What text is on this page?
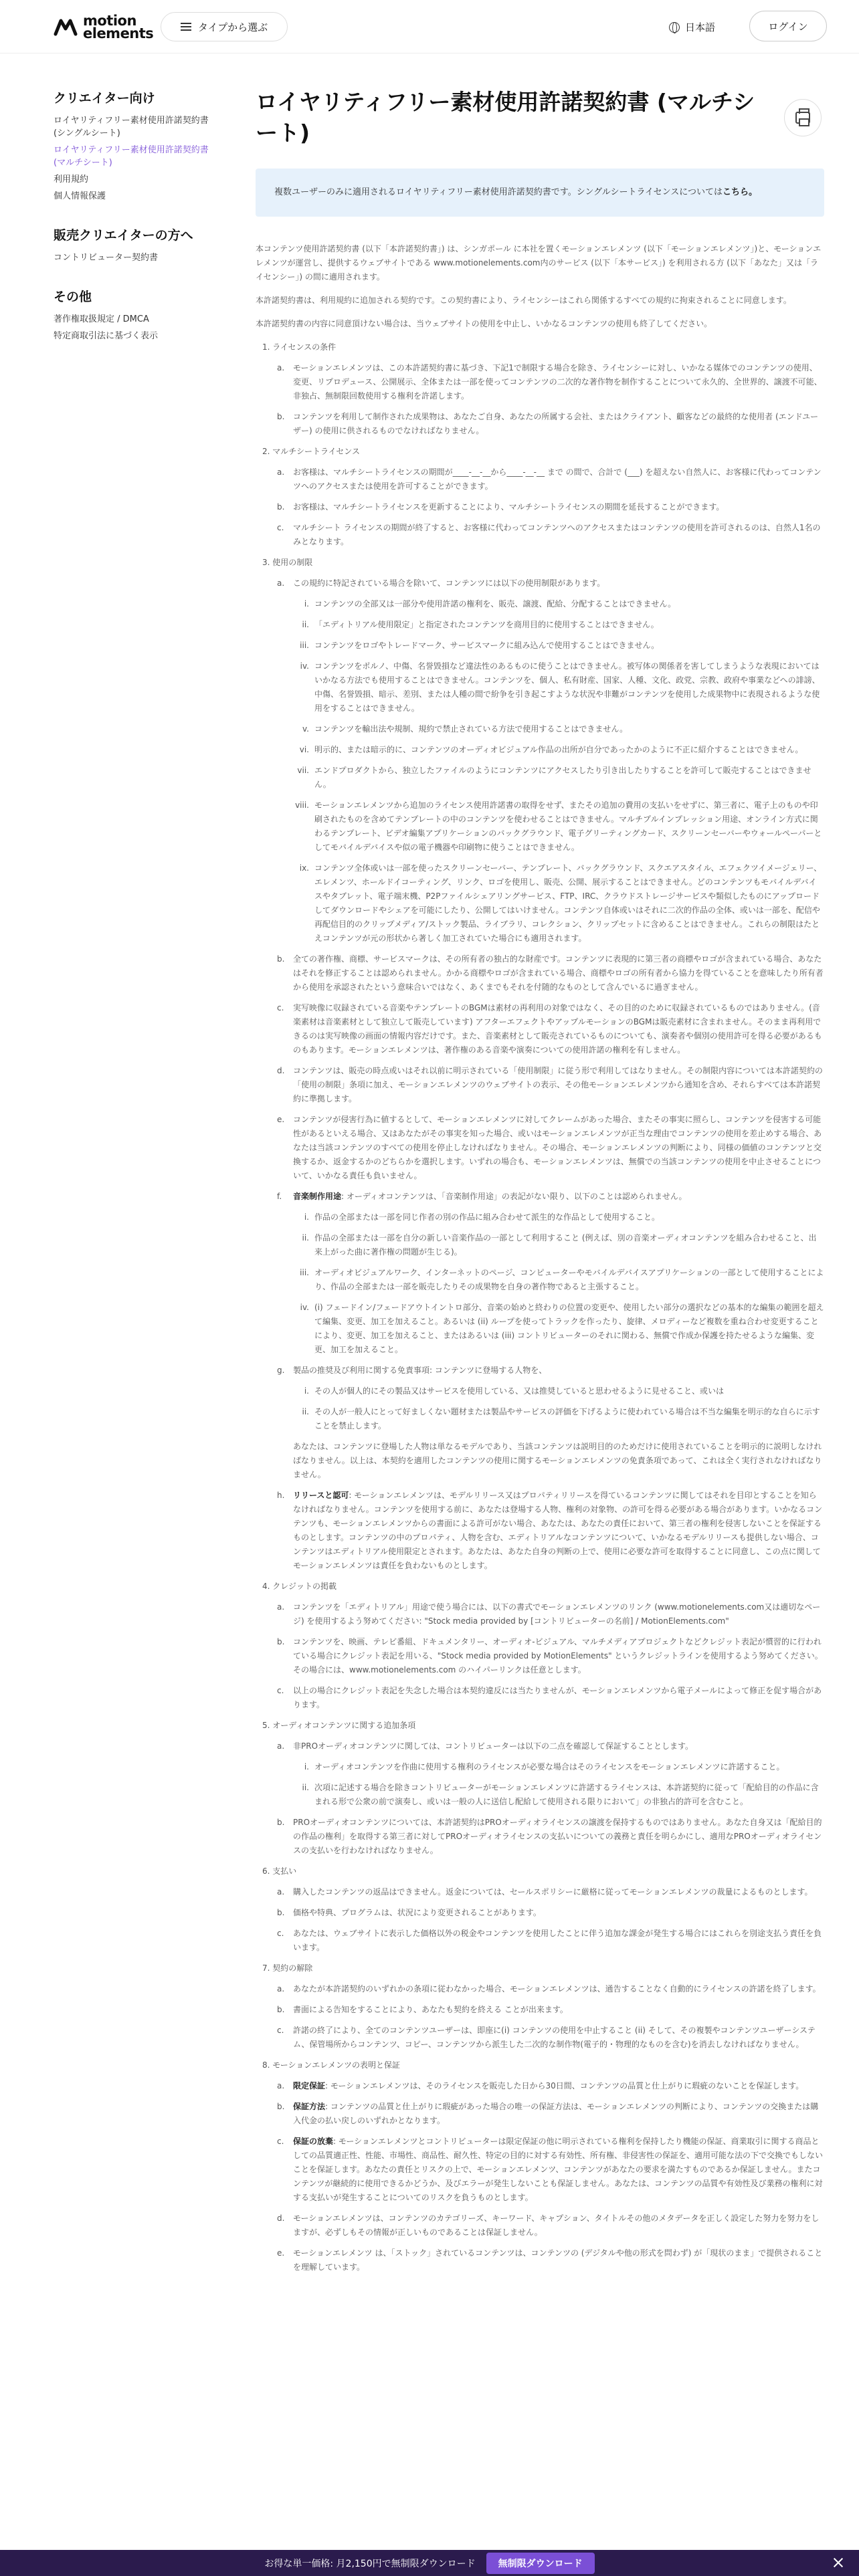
motion
elements	タイプから選ぶ	日本語	ログイン
クリエイター向け
ロイヤリティフリー素材使用許諾契約書 (シングルシート)
ロイヤリティフリー素材使用許諾契約書 (マルチシート)
利用規約
個人情報保護
販売クリエイターの方へ
コントリビューター契約書
その他
著作権取扱規定 / DMCA
特定商取引法に基づく表示
ロイヤリティフリー素材使用許諾契約書 (マルチシート)
複数ユーザーのみに適用されるロイヤリティフリー素材使用許諾契約書です。シングルシートライセンスについてはこちら。

本コンテンツ使用許諾契約書 (以下「本許諾契約書」) は、シンガポール に本社を置くモーションエレメンツ (以下「モーションエレメンツ」)と、モーションエレメンツが運営し、提供するウェブサイトである www.motionelements.com内のサービス (以下「本サービス」) を利用される方 (以下「あなた」又は「ライセンシー」) の間に適用されます。

本許諾契約書は、利用規約に追加される契約です。この契約書により、ライセンシーはこれら関係するすべての規約に拘束されることに同意します。

本許諾契約書の内容に同意頂けない場合は、当ウェブサイトの使用を中止し、いかなるコンテンツの使用も終了してください。

1. ライセンスの条件
a.	モーションエレメンツは、この本許諾契約書に基づき、下記1で制限する場合を除き、ライセンシーに対し、いかなる媒体でのコンテンツの使用、変更、リプロデュース、公開展示、全体または一部を使ってコンテンツの二次的な著作物を制作することについて永久的、全世界的、譲渡不可能、非独占、無制限回数使用する権利を許諾します。
b.	コンテンツを利用して制作された成果物は、あなたご自身、あなたの所属する会社、またはクライアント、顧客などの最終的な使用者 (エンドユーザー) の使用に供されるものでなければなりません。
2. マルチシートライセンス
a.	お客様は、マルチシートライセンスの期間が____-__-__から____-__-__ まで の間で、合計で (___) を超えない自然人に、お客様に代わってコンテンツへのアクセスまたは使用を許可することができます。
b.	お客様は、マルチシートライセンスを更新することにより、マルチシートライセンスの期間を延長することができます。
c.	マルチシート ライセンスの期間が終了すると、お客様に代わってコンテンツへのアクセスまたはコンテンツの使用を許可されるのは、自然人1名のみとなります。
3. 使用の制限
a.	この規約に特記されている場合を除いて、コンテンツには以下の使用制限があります。
i. コンテンツの全部又は一部分や使用許諾の権利を、販売、譲渡、配給、分配することはできません。
ii. 「エディトリアル使用限定」と指定されたコンテンツを商用目的に使用することはできません。
iii. コンテンツをロゴやトレードマーク、サービスマークに組み込んで使用することはできません。
iv. コンテンツをポルノ、中傷、名誉毀損など違法性のあるものに使うことはできません。被写体の関係者を害してしまうような表現においてはいかなる方法でも使用することはできません。コンテンツを、個人、私有財産、国家、人種、文化、政党、宗教、政府や事業などへの誹謗、中傷、名誉毀損、暗示、差別、または人種の間で紛争を引き起こすような状況や非難がコンテンツを使用した成果物中に表現されるような使用をすることはできません。
v. コンテンツを輸出法や規制、規約で禁止されている方法で使用することはできません。
vi. 明示的、または暗示的に、コンテンツのオーディオビジュアル作品の出所が自分であったかのように不正に紹介することはできません。
vii. エンドプロダクトから、独立したファイルのようにコンテンツにアクセスしたり引き出したりすることを許可して販売することはできません。
viii. モーションエレメンツから追加のライセンス使用許諾書の取得をせず、またその追加の費用の支払いをせずに、第三者に、電子上のものや印刷されたものを含めてテンプレートの中のコンテンツを使わせることはできません。マルチプルインプレッション用途、オンライン方式に関わるテンプレート、ビデオ編集アプリケーションのバックグラウンド、電子グリーティングカード、スクリーンセーバーやウォールペーパーとしてモバイルデバイスや似の電子機器や印刷物に使うことはできません。
ix. コンテンツ全体或いは一部を使ったスクリーンセーバー、テンプレート、バックグラウンド、スクエアスタイル、エフェクツイメージェリー、エレメンツ、ホールドイコーティング、リンク、ロゴを使用し、販売、公開、展示することはできません。どのコンテンツもモバイルデバイスやタブレット、電子端末機、P2Pファイルシェアリングサービス、FTP、IRC、クラウドストレージサービスや類似したものにアップロードしてダウンロードやシェアを可能にしたり、公開してはいけません。コンテンツ自体或いはそれに二次的作品の全体、或いは一部を、配信や再配信目的のクリップメディア/ストック製品、ライブラリ、コレクション、クリップセットに含めることはできません。これらの制限はたとえコンテンツが元の形状から著しく加工されていた場合にも適用されます。
b.	全ての著作権、商標、サービスマークは、その所有者の独占的な財産です。コンテンツに表現的に第三者の商標やロゴが含まれている場合、あなたはそれを修正することは認められません。かかる商標やロゴが含まれている場合、商標やロゴの所有者から協力を得ていることを意味したり所有者から使用を承認されたという意味合いではなく、あくまでもそれを付随的なものとして含んでいるに過ぎません。
c.	実写映像に収録されている音楽やテンプレートのBGMは素材の再利用の対象ではなく、その目的のために収録されているものではありません。(音楽素材は音楽素材として独立して販売しています) アフターエフェクトやアップルモーションのBGMは販売素材に含まれません。そのまま再利用できるのは実写映像の画面の情報内容だけです。また、音楽素材として販売されているものについても、演奏者や個別の使用許可を得る必要があるものもあります。モーションエレメンツは、著作権のある音楽や演奏についての使用許諾の権利を有しません。
d.	コンテンツは、販売の時点或いはそれ以前に明示されている「使用制限」に従う形で利用してはなりません。その制限内容については本許諾契約の「使用の制限」条項に加え、モーションエレメンツのウェブサイトの表示、その他モーションエレメンツから通知を含め、それらすべては本許諾契約に準拠します。
e.	コンテンツが侵害行為に値するとして、モーションエレメンツに対してクレームがあった場合、またその事実に照らし、コンテンツを侵害する可能性があるといえる場合、又はあなたがその事実を知った場合、或いはモーションエレメンツが正当な理由でコンテンツの使用を差止めする場合、あなたは当該コンテンツのすべての使用を停止しなければなりません。その場合、モーションエレメンツの判断により、同様の価値のコンテンツと交換するか、返金するかのどちらかを選択します。いずれの場合も、モーションエレメンツは、無償での当該コンテンツの使用を中止させることについて、いかなる責任も負いません。
f.	音楽制作用途: オーディオコンテンツは、「音楽制作用途」の表記がない限り、以下のことは認められません。
i. 作品の全部または一部を同じ作者の別の作品に組み合わせて派生的な作品として使用すること。
ii. 作品の全部または一部を自分の新しい音楽作品の一部として利用すること (例えば、別の音楽オーディオコンテンツを組み合わせること、出来上がった曲に著作権の問題が生じる)。
iii. オーディオビジュアルワーク、インターネットのページ、コンピューターやモバイルデバイスアプリケーションの一部として使用することにより、作品の全部または一部を販売したりその成果物を自身の著作物であると主張すること。
iv. (i) フェードイン/フェードアウトイントロ部分、音楽の始めと終わりの位置の変更や、使用したい部分の選択などの基本的な編集の範囲を超えて編集、変更、加工を加えること。あるいは (ii) ループを使ってトラックを作ったり、旋律、メロディーなど複数を重ね合わせ変更することにより、変更、加工を加えること、またはあるいは (iii) コントリビューターのそれに関わる、無償で作成か保護を持たせるような編集、変更、加工を加えること。
g.	製品の推奨及び利用に関する免責事項: コンテンツに登場する人物を、
i. その人が個人的にその製品又はサービスを使用している、又は推奨していると思わせるように見せること、或いは
ii. その人が一般人にとって好ましくない題材または製品やサービスの評価を下げるように使われている場合は不当な編集を明示的な自らに示すことを禁止します。
あなたは、コンテンツに登場した人物は単なるモデルであり、当該コンテンツは説明目的のためだけに使用されていることを明示的に説明しなければなりません。以上は、本契約を適用したコンテンツの使用に関するモーションエレメンツの免責条項であって、これは全く実行されなければなりません。
h.	リリースと認可: モーションエレメンツは、モデルリリース又はプロパティリリースを得ているコンテンツに関してはそれを目印とすることを知らなければなりません。コンテンツを使用する前に、あなたは登場する人物、権利の対象物、の許可を得る必要がある場合があります。いかなるコンテンツも、モーションエレメンツからの書面による許可がない場合、あなたは、あなたの責任において、第三者の権利を侵害しないことを保証するものとします。コンテンツの中のプロパティ、人物を含む、エディトリアルなコンテンツについて、いかなるモデルリリースも提供しない場合、コンテンツはエディトリアル使用限定とされます。あなたは、あなた自身の判断の上で、使用に必要な許可を取得することに同意し、この点に関してモーションエレメンツは責任を負わないものとします。
4. クレジットの掲載
a.	コンテンツを「エディトリアル」用途で使う場合には、以下の書式でモーションエレメンツのリンク (www.motionelements.com又は適切なページ) を使用するよう努めてください: "Stock media provided by [コントリビューターの名前] / MotionElements.com"
b.	コンテンツを、映画、テレビ番組、ドキュメンタリー、オーディオ-ビジュアル、マルチメディアプロジェクトなどクレジット表記が慣習的に行われている場合にクレジット表記を用いる、"Stock media provided by MotionElements" というクレジットラインを使用するよう努めてください。その場合には、www.motionelements.com のハイパーリンクは任意とします。
c.	以上の場合にクレジット表記を失念した場合は本契約違反には当たりませんが、モーションエレメンツから電子メールによって修正を促す場合があります。
5. オーディオコンテンツに関する追加条項
a.	非PROオーディオコンテンツに関しては、コントリビューターは以下の二点を確認して保証することとします。
i. オーディオコンテンツを作曲に使用する権利のライセンスが必要な場合はそのライセンスをモーションエレメンツに許諾すること。
ii. 次項に記述する場合を除きコントリビューターがモーションエレメンツに許諾するライセンスは、本許諾契約に従って「配給目的の作品に含まれる形で公衆の前で演奏し、或いは一般の人に送信し配給して使用される限りにおいて」の非独占的許可を含むこと。
b.	PROオーディオコンテンツについては、本許諾契約はPROオーディオライセンスの譲渡を保持するものではありません。あなた自身又は「配給目的の作品の権利」を取得する第三者に対してPROオーディオライセンスの支払いについての義務と責任を明らかにし、適用なPROオーディオライセンスの支払いを行わなければなりません。
6. 支払い
a.	購入したコンテンツの返品はできません。返金については、セールスポリシーに厳格に従ってモーションエレメンツの裁量によるものとします。
b.	価格や特典、プログラムは、状況により変更されることがあります。
c.	あなたは、ウェブサイトに表示した価格以外の税金やコンテンツを使用したことに伴う追加な課金が発生する場合にはこれらを別途支払う責任を負います。
7. 契約の解除
a.	あなたが本許諾契約のいずれかの条項に従わなかった場合、モーションエレメンツは、通告することなく自動的にライセンスの許諾を終了します。
b.	書面による告知をすることにより、あなたも契約を終える ことが出来ます。
c.	許諾の終了により、全てのコンテンツユーザーは、即座に(i) コンテンツの使用を中止すること (ii) そして、その複製やコンテンツユーザーシステム、保管場所からコンテンツ、コピー、コンテンツから派生した二次的な制作物(電子的・物理的なものを含む)を消去しなければなりません。
8. モーションエレメンツの表明と保証
a.	限定保証: モーションエレメンツは、そのライセンスを販売した日から30日間、コンテンツの品質と仕上がりに瑕疵のないことを保証します。
b.	保証方法: コンテンツの品質と仕上がりに瑕疵があった場合の唯一の保証方法は、モーションエレメンツの判断により、コンテンツの交換または購入代金の払い戻しのいずれかとなります。
c.	保証の放棄: モーションエレメンツとコントリビューターは限定保証の他に明示されている権利を保持したり機能の保証、商業取引に関する商品としての品質適正性、性能、市場性、商品性、耐久性、特定の目的に対する有効性、所有権、非侵害性の保証を、適用可能な法の下で交換でもしないことを保証します。あなたの責任とリスクの上で、モーションエレメンツ、コンテンツがあなたの要求を満たすものであるか保証しません。またコンテンツが継続的に使用できるかどうか、及びエラーが発生しないことも保証しません。あなたは、コンテンツの品質や有効性及び業務の権利に対する支払いが発生することについてのリスクを負うものとします。
d.	モーションエレメンツは、コンテンツのカテゴリーズ、キーワード、キャプション、タイトルその他のメタデータを正しく設定した努力を努力をしますが、必ずしもその情報が正しいものであることは保証しません。
e.	モーションエレメンツ は、「ストック」されているコンテンツは、コンテンツの (デジタルや他の形式を問わず) が「現状のまま」で提供されることを理解しています。
お得な単一価格: 月2,150円で無制限ダウンロード	無制限ダウンロード
